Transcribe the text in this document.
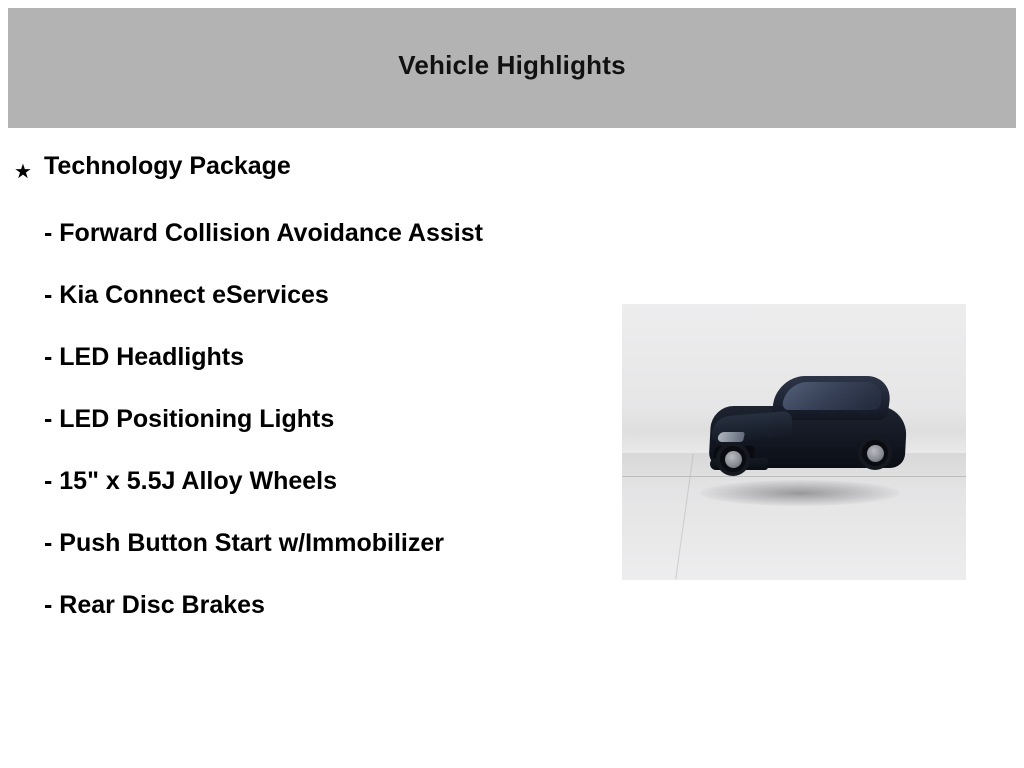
Vehicle Highlights
★ Technology Package
- Forward Collision Avoidance Assist
- Kia Connect eServices
- LED Headlights
- LED Positioning Lights
- 15" x 5.5J Alloy Wheels
- Push Button Start w/Immobilizer
- Rear Disc Brakes
